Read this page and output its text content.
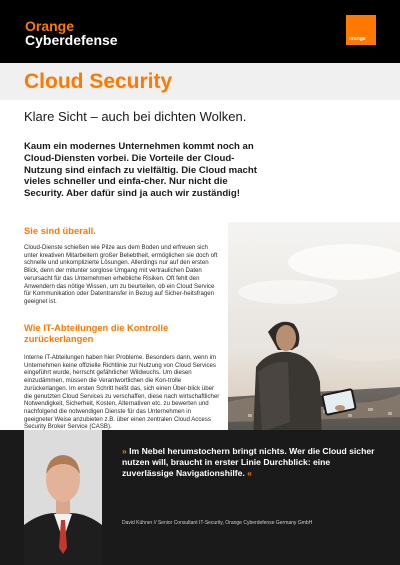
Orange
Cyberdefense	orange
Cloud Security
Klare Sicht – auch bei dichten Wolken.
Kaum ein modernes Unternehmen kommt noch an Cloud-Diensten vorbei. Die Vorteile der Cloud-Nutzung sind einfach zu vielfältig. Die Cloud macht vieles schneller und einfa-cher. Nur nicht die Security. Aber dafür sind ja auch wir zuständig!
Sie sind überall.
Cloud-Dienste schießen wie Pilze aus dem Boden und erfreuen sich unter kreativen Mitarbeitern großer Beliebtheit, ermöglichen sie doch oft schnelle und unkomplizierte Lösungen. Allerdings nur auf den ersten Blick, denn der mitunter sorglose Umgang mit vertraulichen Daten verursacht für das Unternehmen erhebliche Risiken. Oft fehlt den Anwendern das nötige Wissen, um zu beurteilen, ob ein Cloud Service für Kommunikation oder Datentransfer in Bezug auf Sicher-heitsfragen geeignet ist.
Wie IT-Abteilungen die Kontrolle zurückerlangen
Interne IT-Abteilungen haben hier Probleme. Besonders dann, wenn im Unternehmen keine offizielle Richtlinie zur Nutzung von Cloud Services eingeführt wurde, herrscht gefährlicher Wildwuchs. Um diesen einzudämmen, müssen die Verantwortlichen die Kon-trolle zurückerlangen. Im ersten Schritt heißt das, sich einen Über-blick über die genutzten Cloud Services zu verschaffen, diese nach wirtschaftlicher Notwendigkeit, Sicherheit, Kosten, Alternativen etc. zu bewerten und nachfolgend die notwendigen Dienste für das Unternehmen in geeigneter Weise anzubieten z.B. über einen zentralen Cloud Access Security Broker Service (CASB).
» Im Nebel herumstochern bringt nichts. Wer die Cloud sicher nutzen will, braucht in erster Linie Durchblick: eine zuverlässige Navigationshilfe. «
David Kühner // Senior Consultant IT-Security, Orange Cyberdefense Germany GmbH
